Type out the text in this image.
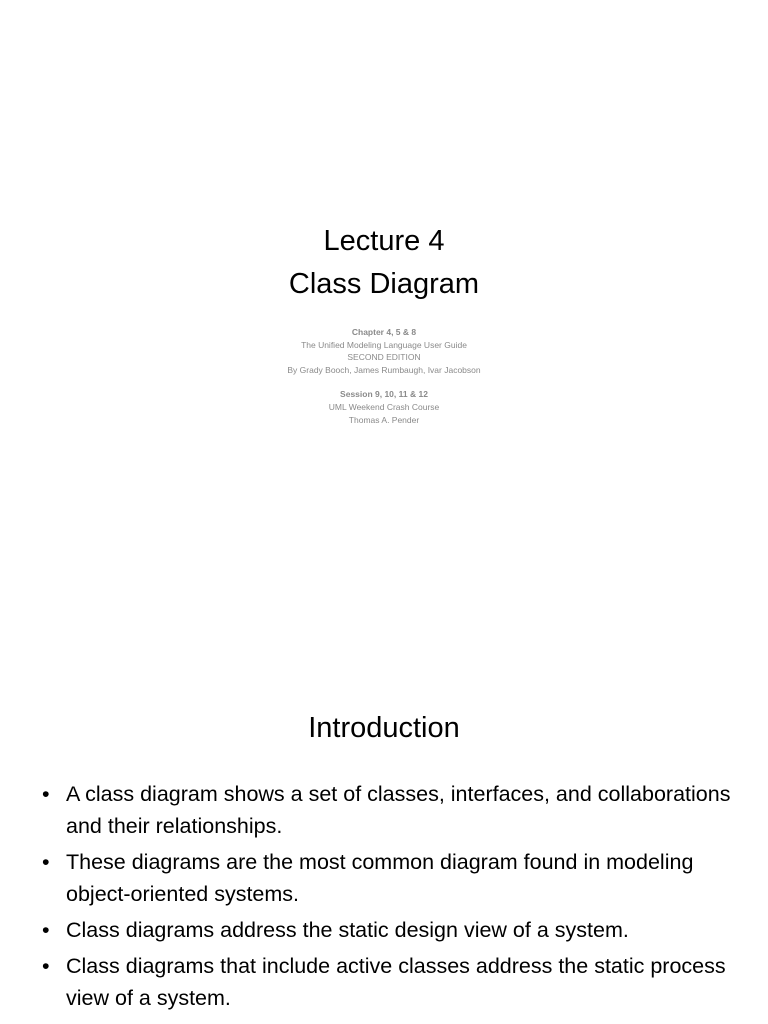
Lecture 4
Class Diagram
Chapter 4, 5 & 8
The Unified Modeling Language User Guide
SECOND EDITION
By Grady Booch, James Rumbaugh, Ivar Jacobson
Session 9, 10, 11 & 12
UML Weekend Crash Course
Thomas A. Pender
Introduction
• A class diagram shows a set of classes, interfaces, and collaborations and their relationships.
• These diagrams are the most common diagram found in modeling object-oriented systems.
• Class diagrams address the static design view of a system.
• Class diagrams that include active classes address the static process view of a system.
